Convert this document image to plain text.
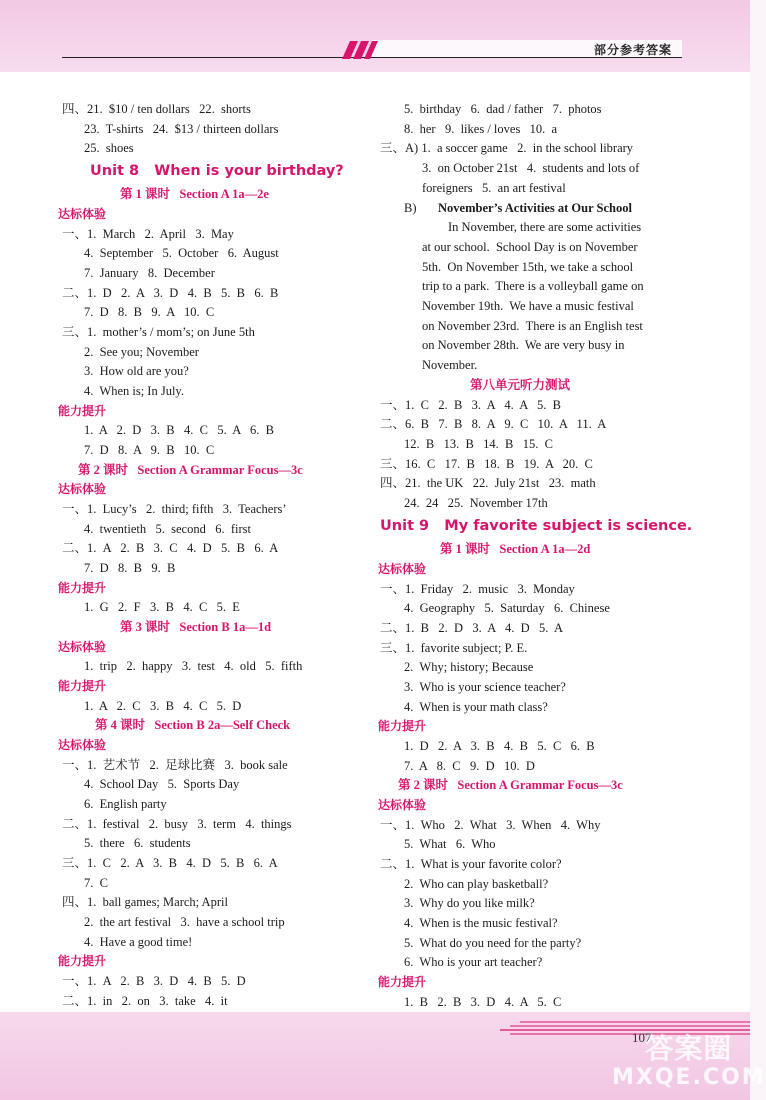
部分参考答案
四、21.  $10 / ten dollars   22.  shorts
23.  T-shirts   24.  $13 / thirteen dollars
25.  shoes
Unit 8   When is your birthday?
第 1 课时   Section A 1a—2e
达标体验
一、1.  March   2.  April   3.  May
4.  September   5.  October   6.  August
7.  January   8.  December
二、1.  D   2.  A   3.  D   4.  B   5.  B   6.  B
7.  D   8.  B   9.  A   10.  C
三、1.  mother’s / mom’s; on June 5th
2.  See you; November
3.  How old are you?
4.  When is; In July.
能力提升
1.  A   2.  D   3.  B   4.  C   5.  A   6.  B
7.  D   8.  A   9.  B   10.  C
第 2 课时   Section A Grammar Focus—3c
达标体验
一、1.  Lucy’s   2.  third; fifth   3.  Teachers’
4.  twentieth   5.  second   6.  first
二、1.  A   2.  B   3.  C   4.  D   5.  B   6.  A
7.  D   8.  B   9.  B
能力提升
1.  G   2.  F   3.  B   4.  C   5.  E
第 3 课时   Section B 1a—1d
达标体验
1.  trip   2.  happy   3.  test   4.  old   5.  fifth
能力提升
1.  A   2.  C   3.  B   4.  C   5.  D
第 4 课时   Section B 2a—Self Check
达标体验
一、1.  艺术节   2.  足球比赛   3.  book sale
4.  School Day   5.  Sports Day
6.  English party
二、1.  festival   2.  busy   3.  term   4.  things
5.  there   6.  students
三、1.  C   2.  A   3.  B   4.  D   5.  B   6.  A
7.  C
四、1.  ball games; March; April
2.  the art festival   3.  have a school trip
4.  Have a good time!
能力提升
一、1.  A   2.  B   3.  D   4.  B   5.  D
二、1.  in   2.  on   3.  take   4.  it
5.  birthday   6.  dad / father   7.  photos
8.  her   9.  likes / loves   10.  a
三、A) 1.  a soccer game   2.  in the school library
3.  on October 21st   4.  students and lots of
foreigners   5.  an art festival
B) November’s Activities at Our School
In November, there are some activities
at our school.  School Day is on November
5th.  On November 15th, we take a school
trip to a park.  There is a volleyball game on
November 19th.  We have a music festival
on November 23rd.  There is an English test
on November 28th.  We are very busy in
November.
第八单元听力测试
一、1.  C   2.  B   3.  A   4.  A   5.  B
二、6.  B   7.  B   8.  A   9.  C   10.  A   11.  A
12.  B   13.  B   14.  B   15.  C
三、16.  C   17.  B   18.  B   19.  A   20.  C
四、21.  the UK   22.  July 21st   23.  math
24.  24   25.  November 17th
Unit 9   My favorite subject is science.
第 1 课时   Section A 1a—2d
达标体验
一、1.  Friday   2.  music   3.  Monday
4.  Geography   5.  Saturday   6.  Chinese
二、1.  B   2.  D   3.  A   4.  D   5.  A
三、1.  favorite subject; P. E.
2.  Why; history; Because
3.  Who is your science teacher?
4.  When is your math class?
能力提升
1.  D   2.  A   3.  B   4.  B   5.  C   6.  B
7.  A   8.  C   9.  D   10.  D
第 2 课时   Section A Grammar Focus—3c
达标体验
一、1.  Who   2.  What   3.  When   4.  Why
5.  What   6.  Who
二、1.  What is your favorite color?
2.  Who can play basketball?
3.  Why do you like milk?
4.  When is the music festival?
5.  What do you need for the party?
6.  Who is your art teacher?
能力提升
1.  B   2.  B   3.  D   4.  A   5.  C
107
答案圈
MXQE.COM
